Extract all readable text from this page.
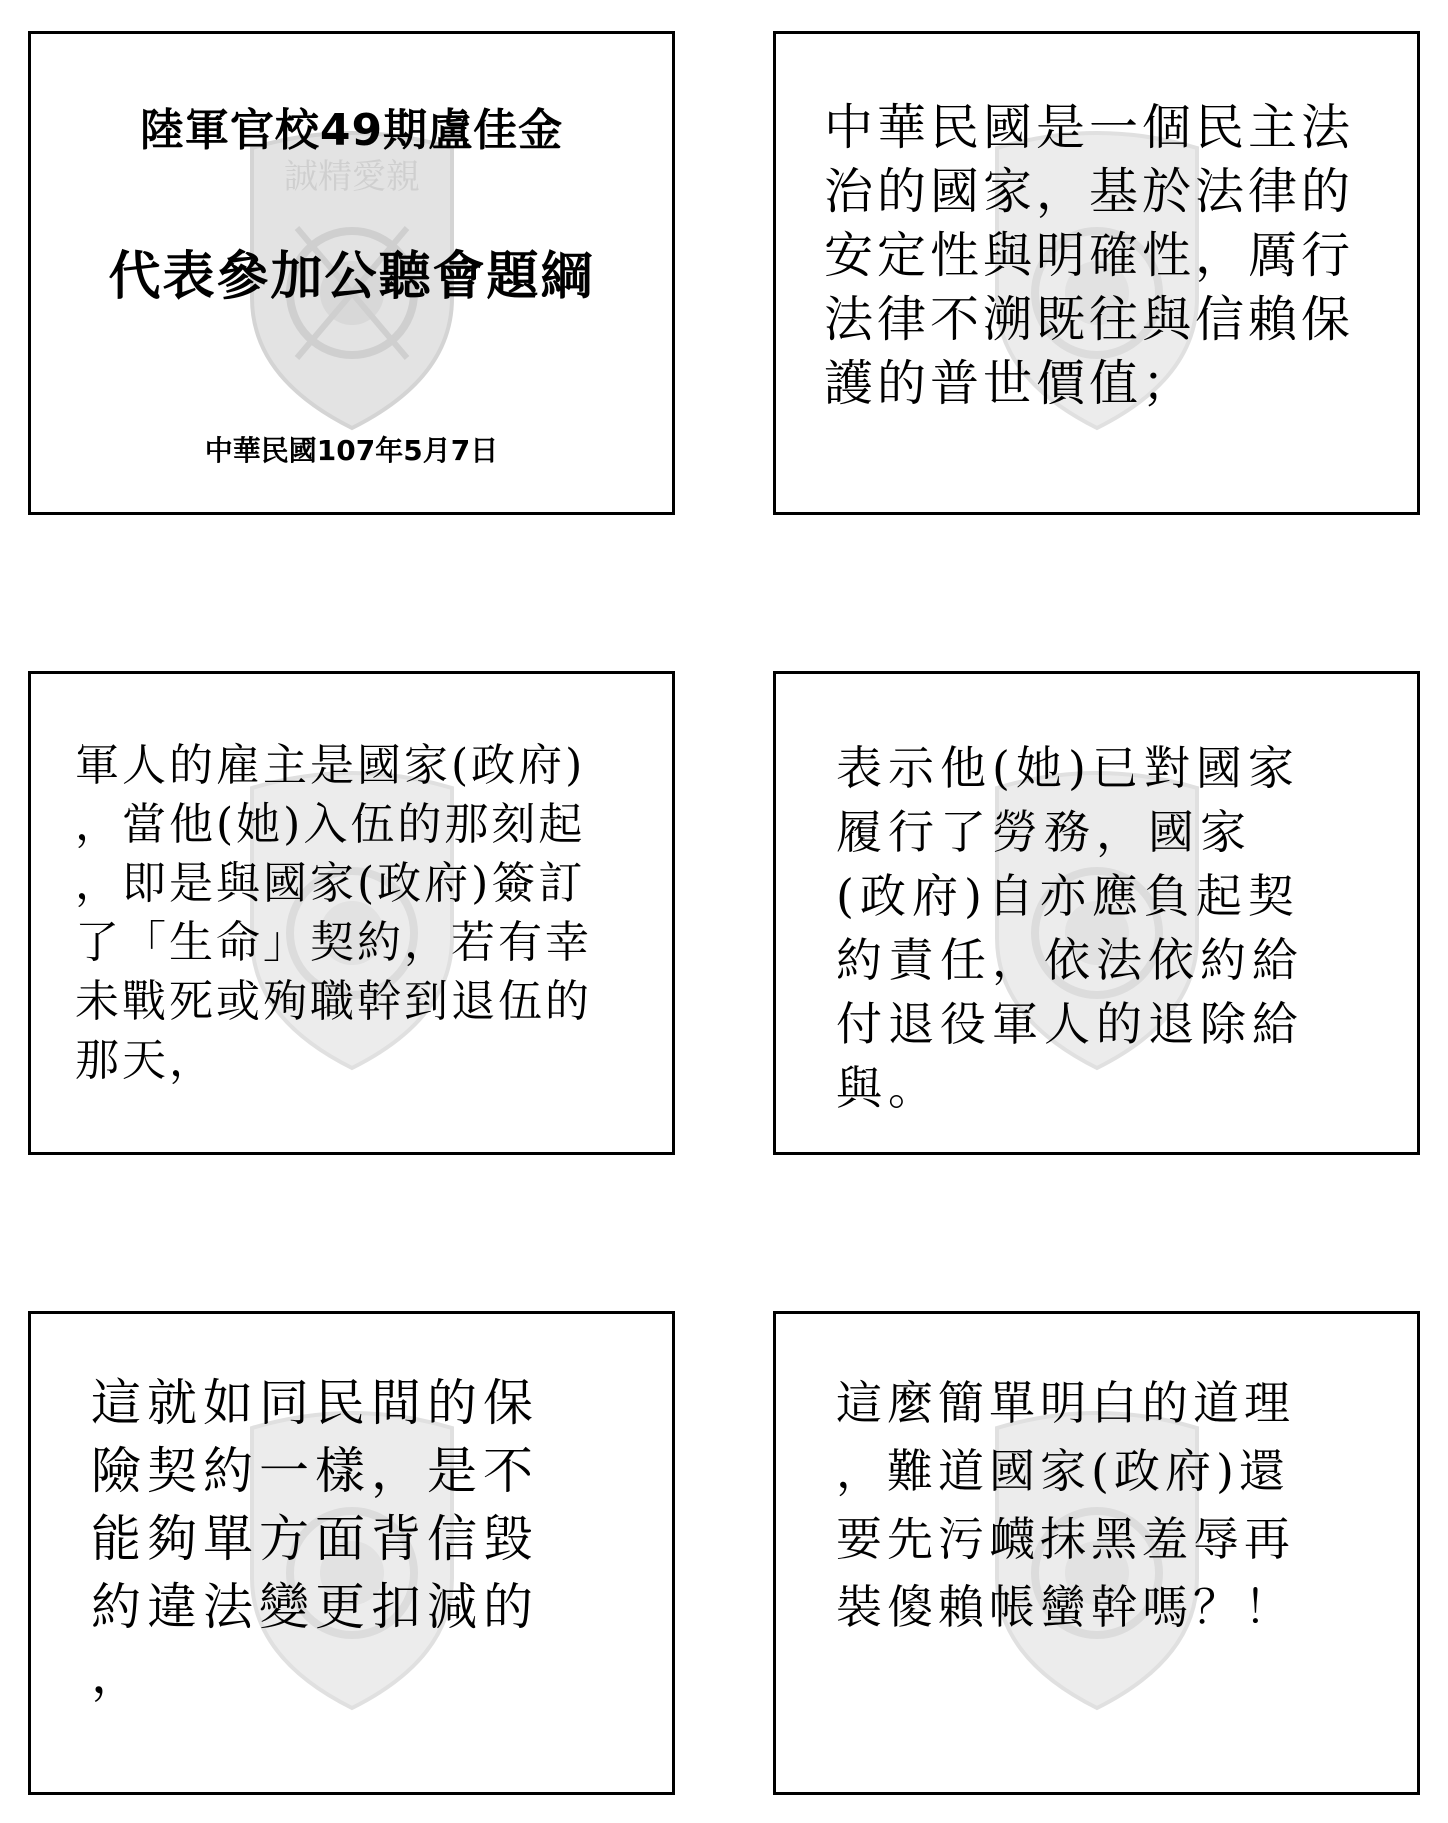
誠精愛親
陸軍官校49期盧佳金
代表參加公聽會題綱
中華民國107年5月7日
中華民國是一個民主法
治的國家，基於法律的
安定性與明確性，厲行
法律不溯既往與信賴保
護的普世價值；
軍人的雇主是國家(政府)
，當他(她)入伍的那刻起
，即是與國家(政府)簽訂
了「生命」契約，若有幸
未戰死或殉職幹到退伍的
那天，
表示他(她)已對國家
履行了勞務，國家
(政府)自亦應負起契
約責任，依法依約給
付退役軍人的退除給
與。
這就如同民間的保
險契約一樣，是不
能夠單方面背信毀
約違法變更扣減的
，
這麼簡單明白的道理
，難道國家(政府)還
要先污衊抹黑羞辱再
裝傻賴帳蠻幹嗎？！
